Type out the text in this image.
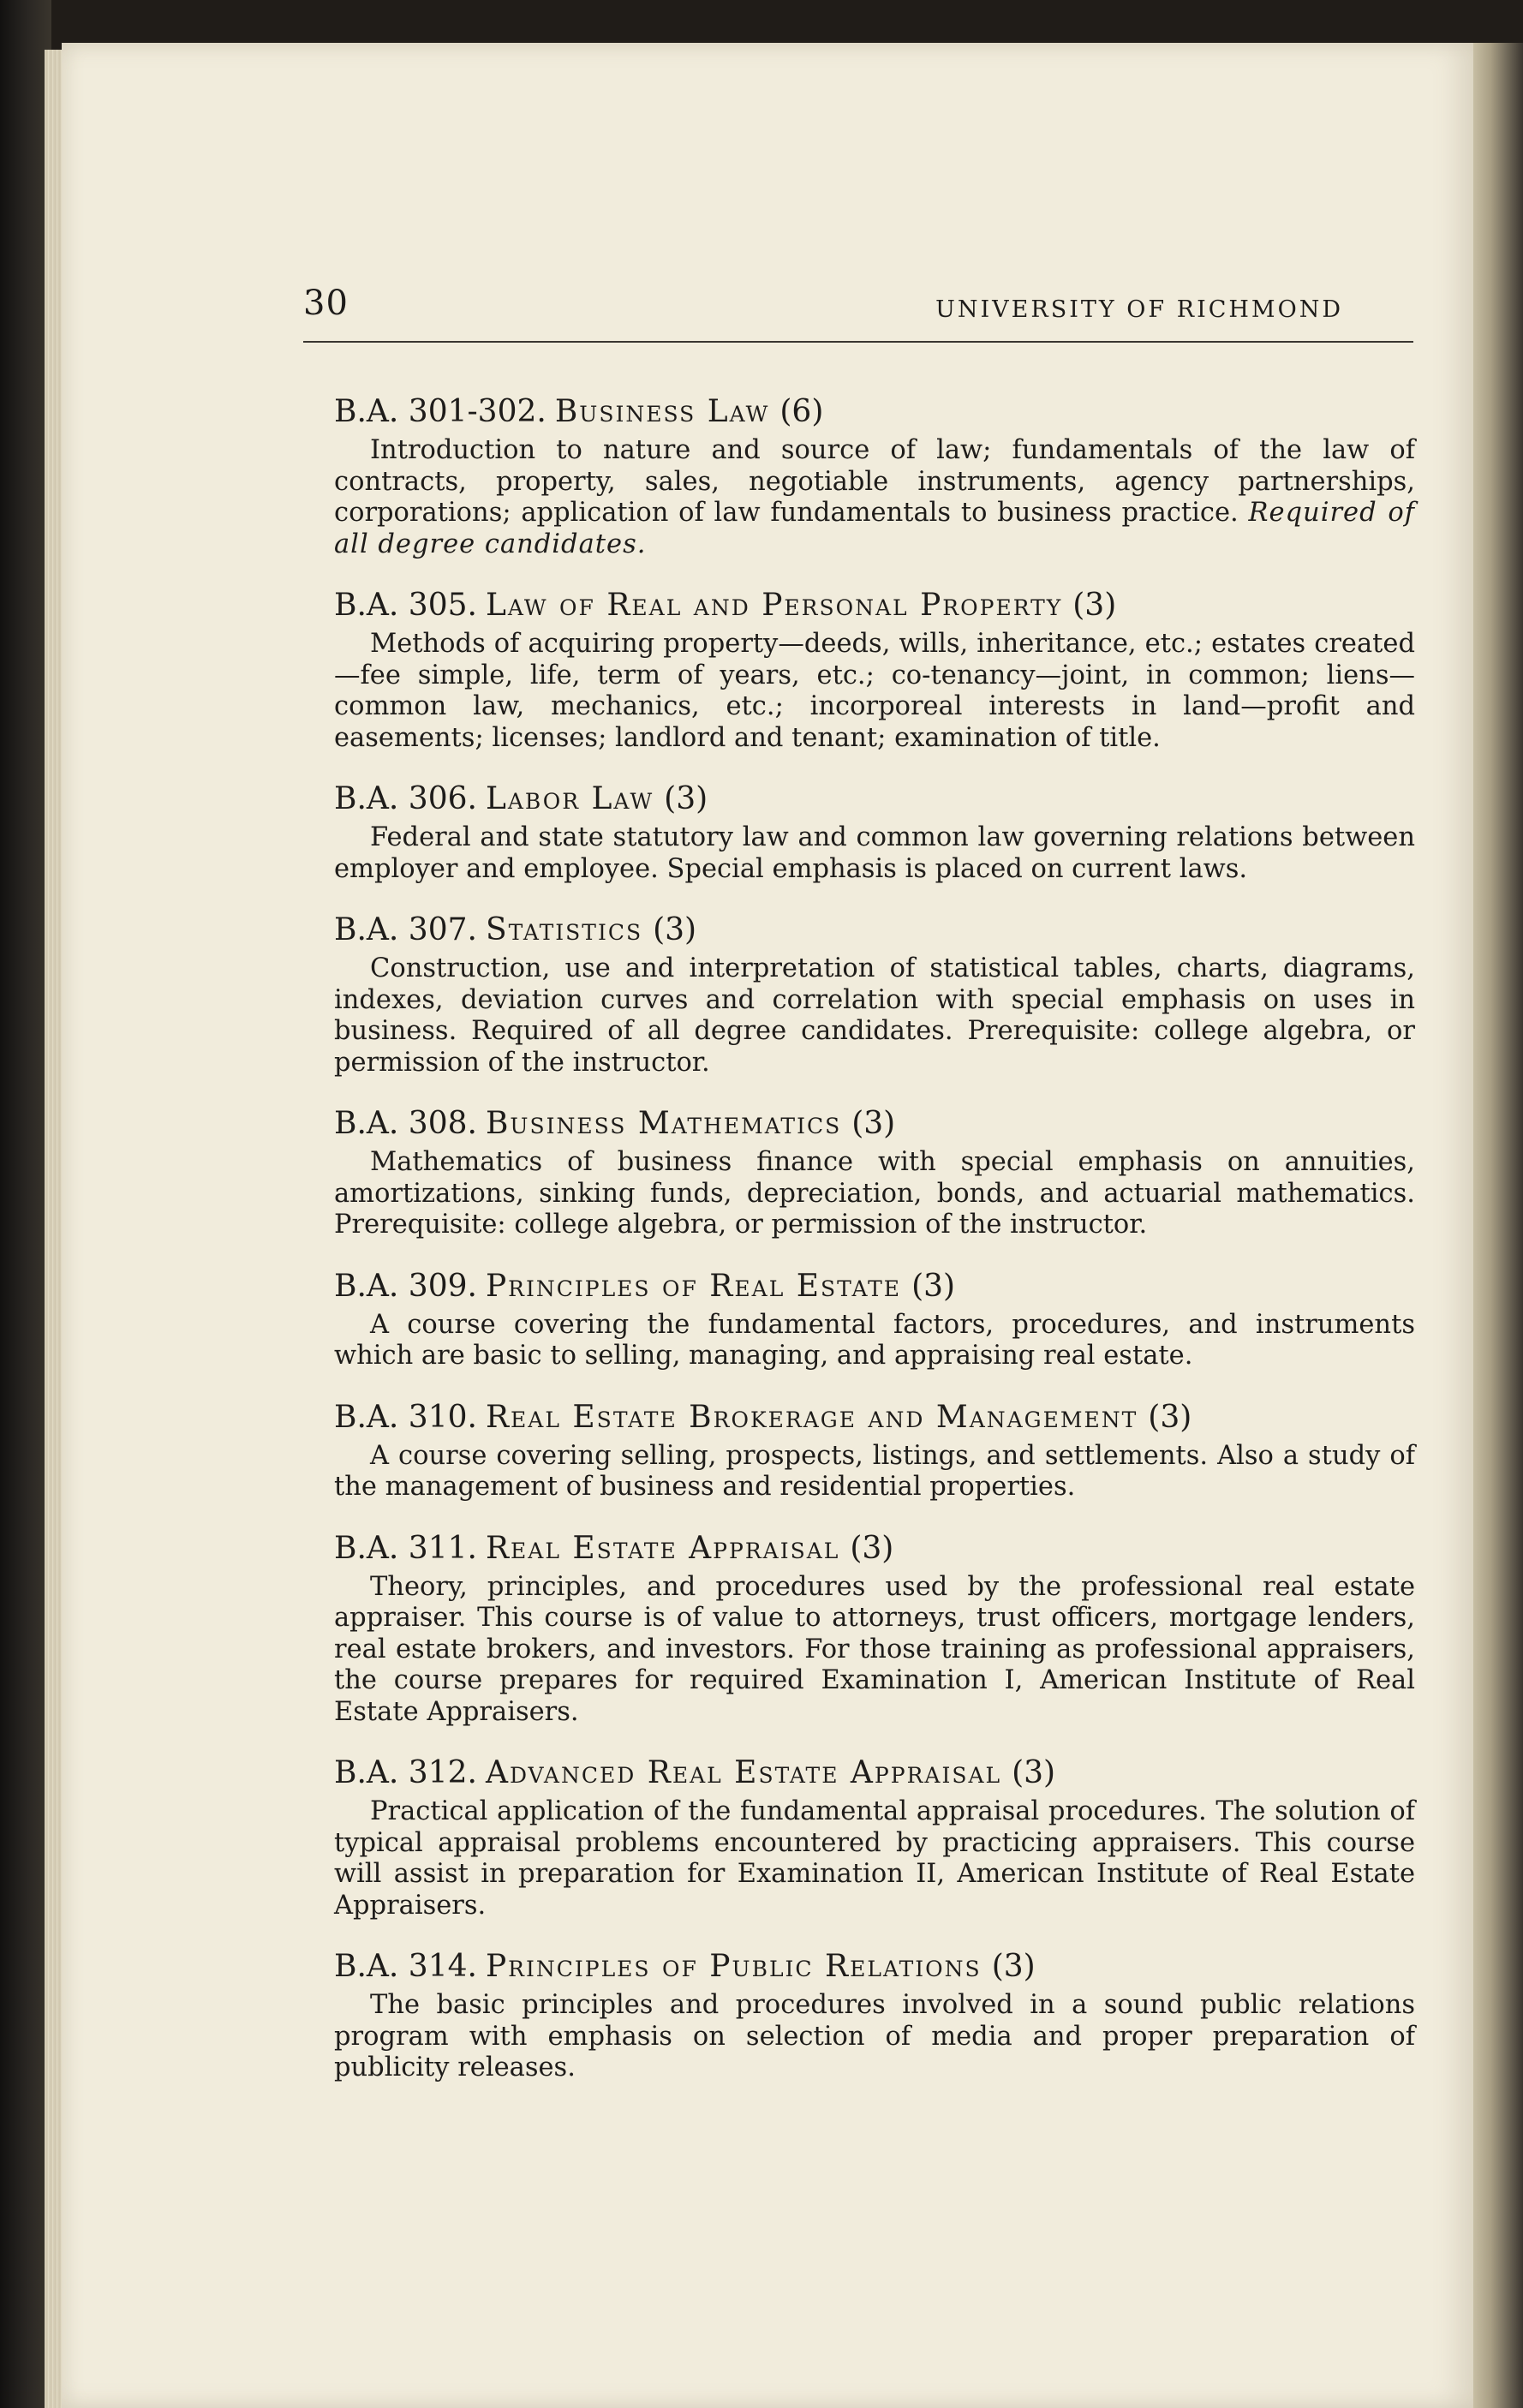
30	UNIVERSITY OF RICHMOND
B.A. 301-302. Business Law (6)

Introduction to nature and source of law; fundamentals of the law of contracts, property, sales, negotiable instruments, agency partnerships, corporations; application of law fundamentals to business practice. Required of all degree candidates.

B.A. 305. Law of Real and Personal Property (3)

Methods of acquiring property—deeds, wills, inheritance, etc.; estates created—fee simple, life, term of years, etc.; co-tenancy—joint, in common; liens—common law, mechanics, etc.; incorporeal interests in land—profit and easements; licenses; landlord and tenant; examination of title.

B.A. 306. Labor Law (3)

Federal and state statutory law and common law governing relations between employer and employee. Special emphasis is placed on current laws.

B.A. 307. Statistics (3)

Construction, use and interpretation of statistical tables, charts, diagrams, indexes, deviation curves and correlation with special emphasis on uses in business. Required of all degree candidates. Prerequisite: college algebra, or permission of the instructor.

B.A. 308. Business Mathematics (3)

Mathematics of business finance with special emphasis on annuities, amortizations, sinking funds, depreciation, bonds, and actuarial mathematics. Prerequisite: college algebra, or permission of the instructor.

B.A. 309. Principles of Real Estate (3)

A course covering the fundamental factors, procedures, and instruments which are basic to selling, managing, and appraising real estate.

B.A. 310. Real Estate Brokerage and Management (3)

A course covering selling, prospects, listings, and settlements. Also a study of the management of business and residential properties.

B.A. 311. Real Estate Appraisal (3)

Theory, principles, and procedures used by the professional real estate appraiser. This course is of value to attorneys, trust officers, mortgage lenders, real estate brokers, and investors. For those training as professional appraisers, the course prepares for required Examination I, American Institute of Real Estate Appraisers.

B.A. 312. Advanced Real Estate Appraisal (3)

Practical application of the fundamental appraisal procedures. The solution of typical appraisal problems encountered by practicing appraisers. This course will assist in preparation for Examination II, American Institute of Real Estate Appraisers.

B.A. 314. Principles of Public Relations (3)

The basic principles and procedures involved in a sound public relations program with emphasis on selection of media and proper preparation of publicity releases.
